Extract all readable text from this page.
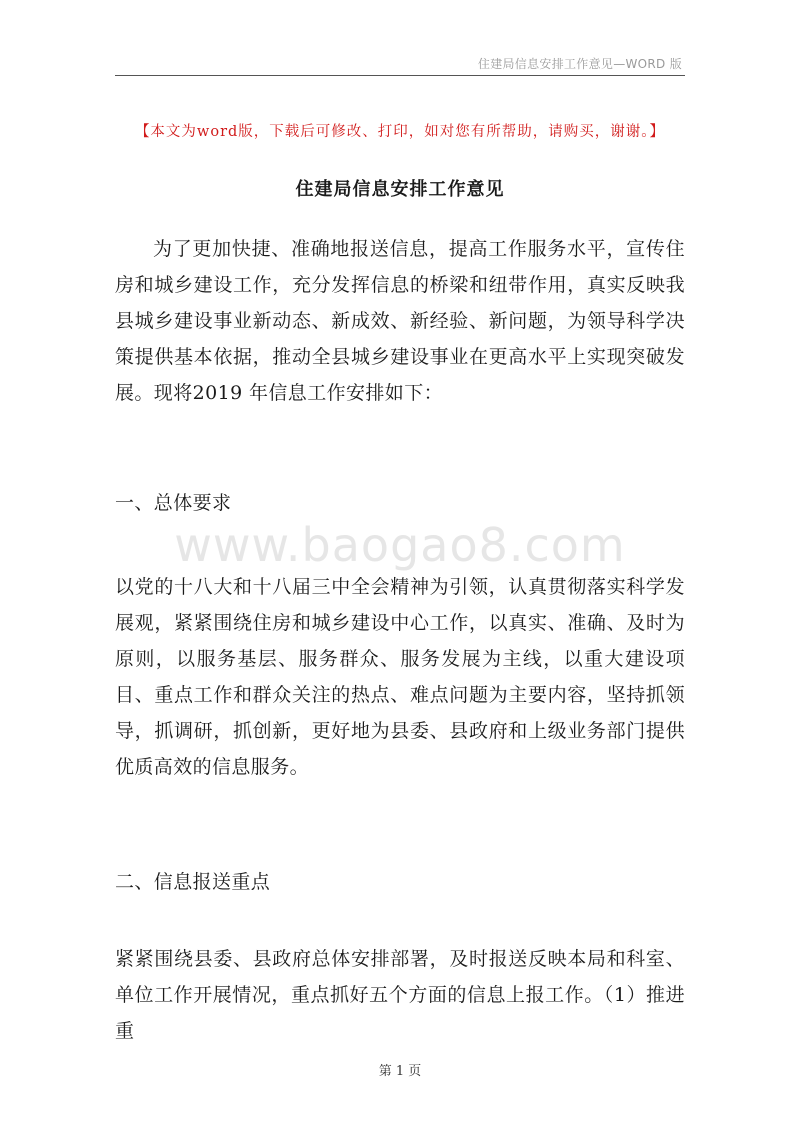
住建局信息安排工作意见—WORD 版
【本文为word版，下载后可修改、打印，如对您有所帮助，请购买，谢谢。】
住建局信息安排工作意见
为了更加快捷、准确地报送信息，提高工作服务水平，宣传住房和城乡建设工作，充分发挥信息的桥梁和纽带作用，真实反映我县城乡建设事业新动态、新成效、新经验、新问题，为领导科学决策提供基本依据，推动全县城乡建设事业在更高水平上实现突破发展。现将2019 年信息工作安排如下：
一、总体要求
www.baogao8.com
以党的十八大和十八届三中全会精神为引领，认真贯彻落实科学发展观，紧紧围绕住房和城乡建设中心工作，以真实、准确、及时为原则，以服务基层、服务群众、服务发展为主线，以重大建设项目、重点工作和群众关注的热点、难点问题为主要内容，坚持抓领导，抓调研，抓创新，更好地为县委、县政府和上级业务部门提供优质高效的信息服务。
二、信息报送重点
紧紧围绕县委、县政府总体安排部署，及时报送反映本局和科室、单位工作开展情况，重点抓好五个方面的信息上报工作。（1）推进重
第 1 页
